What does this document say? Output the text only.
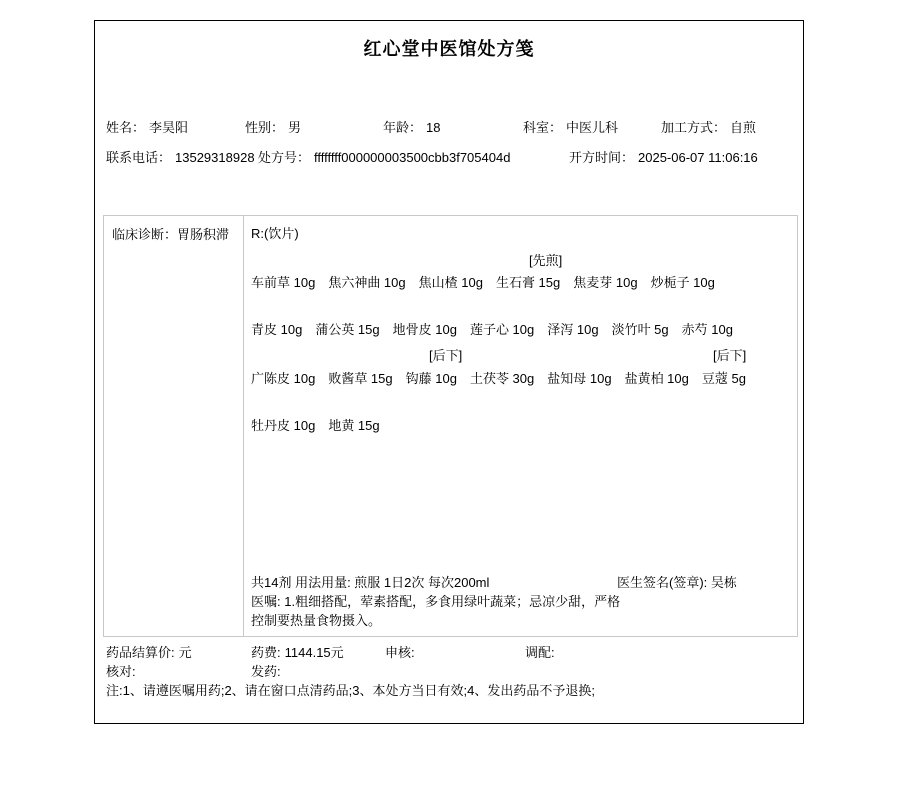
红心堂中医馆处方笺
姓名： 李昊阳	性别： 男	年龄： 18	科室： 中医儿科	加工方式： 自煎
联系电话： 13529318928 处方号： ffffffff000000003500cbb3f705404d	开方时间： 2025-06-07 11:06:16
临床诊断：胃肠积滞	R:(饮片)
[先煎]
车前草 10g 焦六神曲 10g 焦山楂 10g 生石膏 15g 焦麦芽 10g 炒栀子 10g
青皮 10g 蒲公英 15g 地骨皮 10g 莲子心 10g 泽泻 10g 淡竹叶 5g 赤芍 10g
[后下]	[后下]
广陈皮 10g 败酱草 15g 钩藤 10g 土茯苓 30g 盐知母 10g 盐黄柏 10g 豆蔻 5g
牡丹皮 10g 地黄 15g
共14剂 用法用量: 煎服 1日2次 每次200ml	医生签名(签章): 吴栋
医嘱: 1.粗细搭配，荤素搭配，多食用绿叶蔬菜；忌凉少甜，严格
控制要热量食物摄入。
药品结算价: 元	药费: 1144.15元	申核:	调配:
核对:	发药:
注:1、请遵医嘱用药;2、请在窗口点清药品;3、本处方当日有效;4、发出药品不予退换;
